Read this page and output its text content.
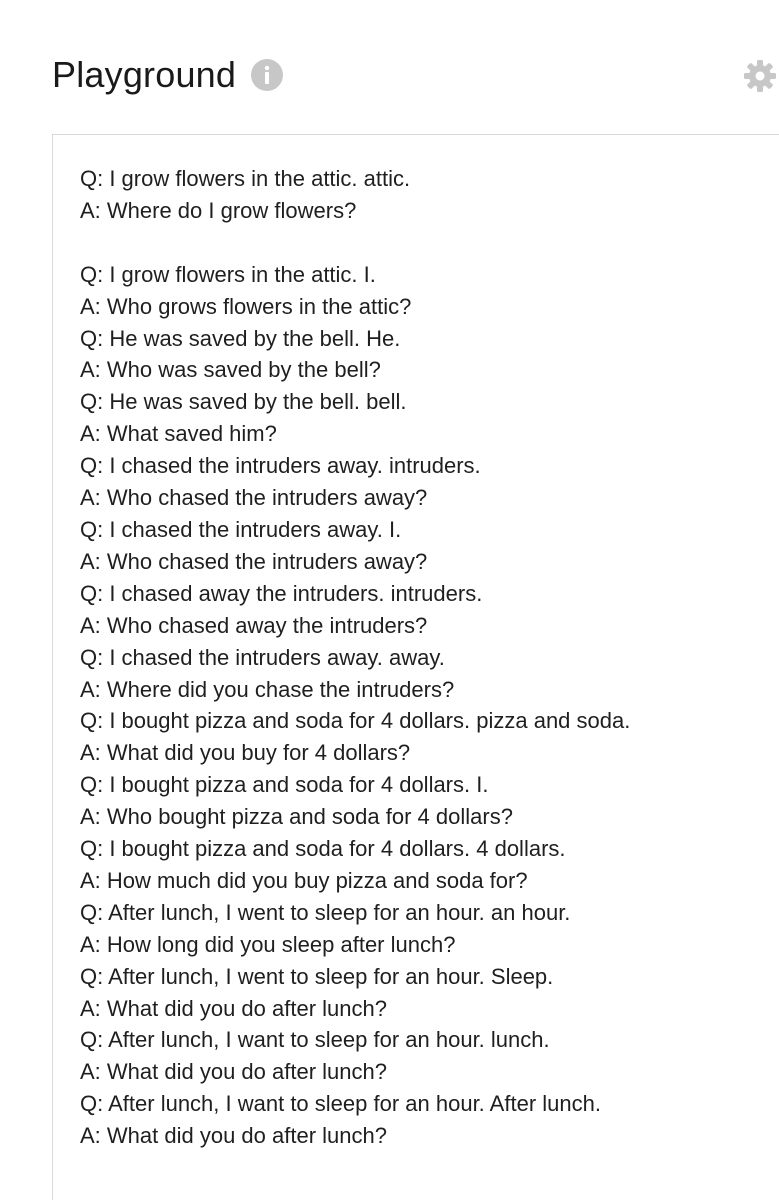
Playground
Q: I grow flowers in the attic. attic.
A: Where do I grow flowers?

Q: I grow flowers in the attic. I.
A: Who grows flowers in the attic?
Q: He was saved by the bell. He.
A: Who was saved by the bell?
Q: He was saved by the bell. bell.
A: What saved him?
Q: I chased the intruders away. intruders.
A: Who chased the intruders away?
Q: I chased the intruders away. I.
A: Who chased the intruders away?
Q: I chased away the intruders. intruders.
A: Who chased away the intruders?
Q: I chased the intruders away. away.
A: Where did you chase the intruders?
Q: I bought pizza and soda for 4 dollars. pizza and soda.
A: What did you buy for 4 dollars?
Q: I bought pizza and soda for 4 dollars. I.
A: Who bought pizza and soda for 4 dollars?
Q: I bought pizza and soda for 4 dollars. 4 dollars.
A: How much did you buy pizza and soda for?
Q: After lunch, I went to sleep for an hour. an hour.
A: How long did you sleep after lunch?
Q: After lunch, I went to sleep for an hour. Sleep.
A: What did you do after lunch?
Q: After lunch, I want to sleep for an hour. lunch.
A: What did you do after lunch?
Q: After lunch, I want to sleep for an hour. After lunch.
A: What did you do after lunch?
